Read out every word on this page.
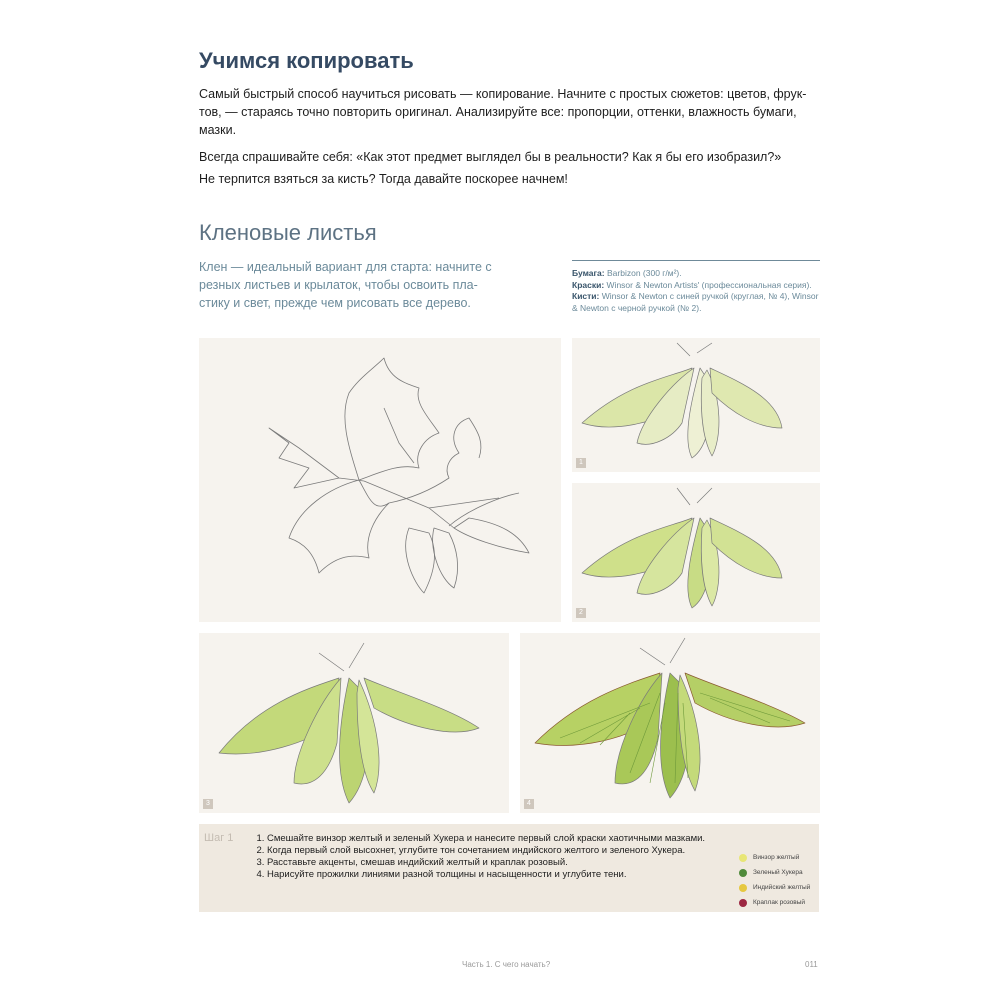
Учимся копировать

Самый быстрый способ научиться рисовать — копирование. Начните с простых сюжетов: цветов, фрук-тов, — стараясь точно повторить оригинал. Анализируйте все: пропорции, оттенки, влажность бумаги, мазки.

Всегда спрашивайте себя: «Как этот предмет выглядел бы в реальности? Как я бы его изобразил?»

Не терпится взяться за кисть? Тогда давайте поскорее начнем!

Кленовые листья

Клен — идеальный вариант для старта: начните с резных листьев и крылаток, чтобы освоить пла-стику и свет, прежде чем рисовать все дерево.

Бумага: Barbizon (300 г/м²).

Краски: Winsor & Newton Artists' (профессиональная серия).

Кисти: Winsor & Newton с синей ручкой (круглая, № 4), Winsor & Newton с черной ручкой (№ 2).

1
2
3	4
Шаг 1
1.	Смешайте винзор желтый и зеленый Хукера и нанесите первый слой краски хаотичными мазками.
2. Когда первый слой высохнет, углубите тон сочетанием индийского желтого и зеленого Хукера.
3. Расставьте акценты, смешав индийский желтый и краплак розовый.
4. Нарисуйте прожилки линиями разной толщины и насыщенности и углубите тени.
Винзор желтый
Зеленый Хукера
Индийский желтый
Краплак розовый
Часть 1. С чего начать?	011
